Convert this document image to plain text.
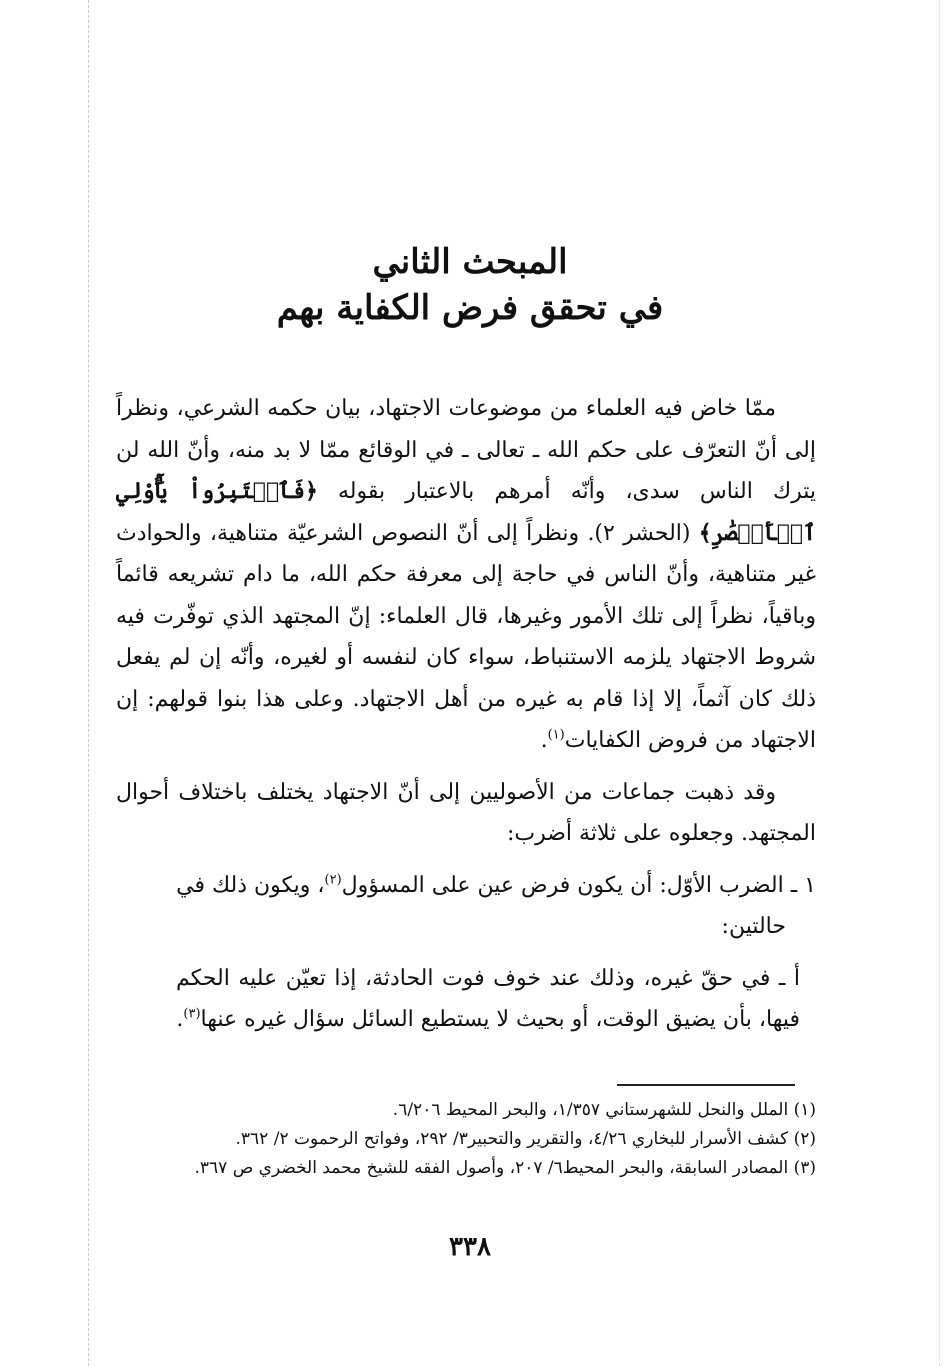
المبحث الثاني
في تحقق فرض الكفاية بهم

ممّا خاض فيه العلماء من موضوعات الاجتهاد، بيان حكمه الشرعي، ونظراً إلى أنّ التعرّف على حكم الله ـ تعالى ـ في الوقائع ممّا لا بد منه، وأنّ الله لن يترك الناس سدى، وأنّه أمرهم بالاعتبار بقوله ﴿فَٱعۡتَبِرُواْ يَٰٓأُوْلِي ٱلۡأَبۡصَٰرِ﴾ (الحشر ٢). ونظراً إلى أنّ النصوص الشرعيّة متناهية، والحوادث غير متناهية، وأنّ الناس في حاجة إلى معرفة حكم الله، ما دام تشريعه قائماً وباقياً، نظراً إلى تلك الأمور وغيرها، قال العلماء: إنّ المجتهد الذي توفّرت فيه شروط الاجتهاد يلزمه الاستنباط، سواء كان لنفسه أو لغيره، وأنّه إن لم يفعل ذلك كان آثماً، إلا إذا قام به غيره من أهل الاجتهاد. وعلى هذا بنوا قولهم: إن الاجتهاد من فروض الكفايات$^{(١)}$.

وقد ذهبت جماعات من الأصوليين إلى أنّ الاجتهاد يختلف باختلاف أحوال المجتهد. وجعلوه على ثلاثة أضرب:

١ ـ الضرب الأوّل: أن يكون فرض عين على المسؤول$^{(٢)}$، ويكون ذلك في
حالتين:

أ ـ في حقّ غيره، وذلك عند خوف فوت الحادثة، إذا تعيّن عليه الحكم فيها، بأن يضيق الوقت، أو بحيث لا يستطيع السائل سؤال غيره عنها$^{(٣)}$.

(١) الملل والنحل للشهرستاني ١/٣٥٧، والبحر المحيط ٦/٢٠٦.
(٢) كشف الأسرار للبخاري ٤/٢٦، والتقرير والتحبير٣/ ٢٩٢، وفواتح الرحموت ٢/ ٣٦٢.
(٣) المصادر السابقة، والبحر المحيط٦/ ٢٠٧، وأصول الفقه للشيخ محمد الخضري ص ٣٦٧.
٣٣٨
